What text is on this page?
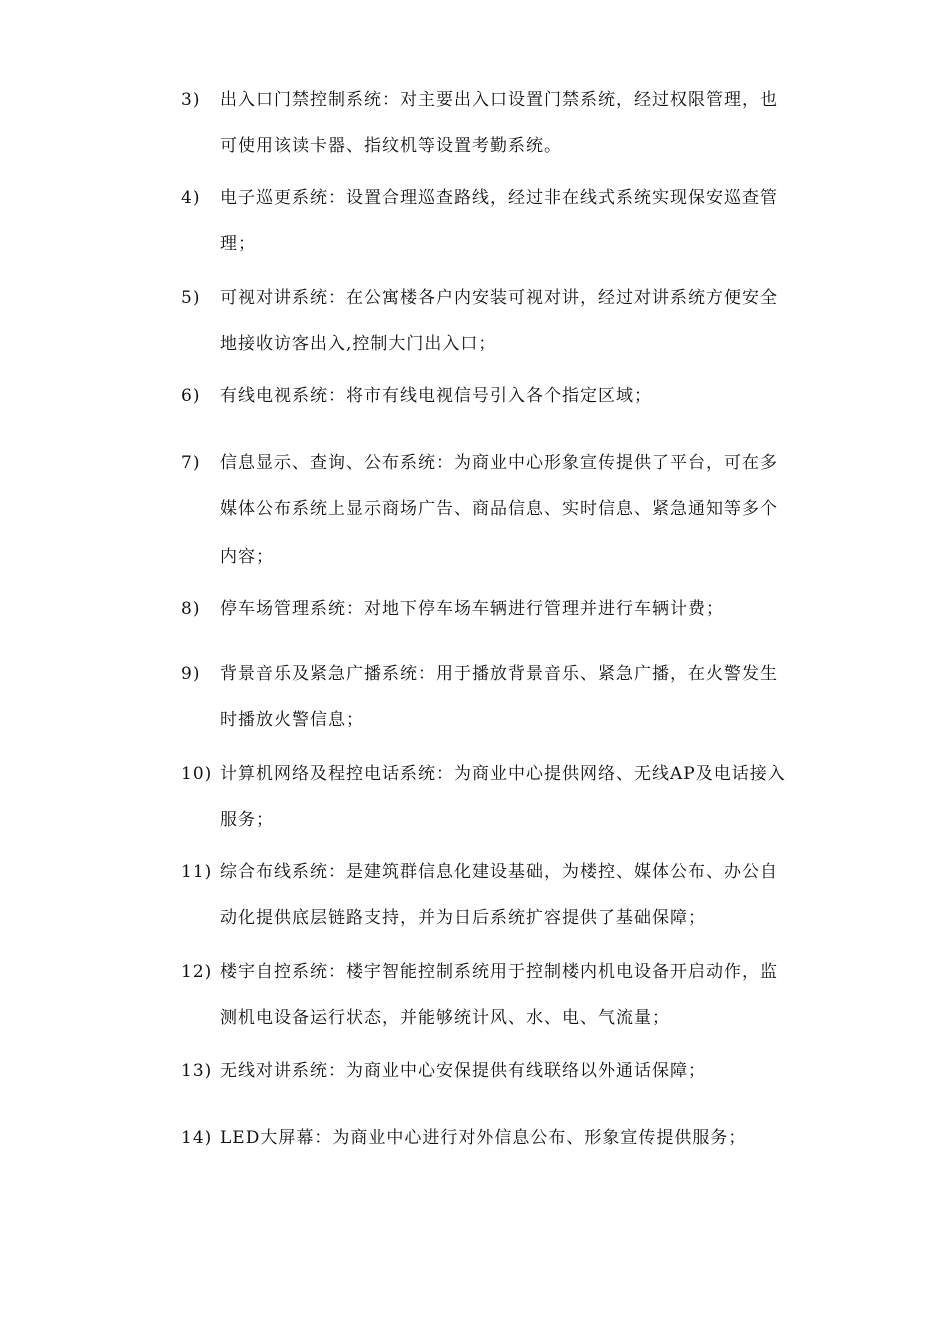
3) 出入口门禁控制系统：对主要出入口设置门禁系统，经过权限管理，也
可使用该读卡器、指纹机等设置考勤系统。
4) 电子巡更系统：设置合理巡查路线，经过非在线式系统实现保安巡查管
理；
5) 可视对讲系统：在公寓楼各户内安装可视对讲，经过对讲系统方便安全
地接收访客出入,控制大门出入口；
6) 有线电视系统：将市有线电视信号引入各个指定区域；
7) 信息显示、查询、公布系统：为商业中心形象宣传提供了平台，可在多
媒体公布系统上显示商场广告、商品信息、实时信息、紧急通知等多个
内容；
8) 停车场管理系统：对地下停车场车辆进行管理并进行车辆计费；
9) 背景音乐及紧急广播系统：用于播放背景音乐、紧急广播，在火警发生
时播放火警信息；
10) 计算机网络及程控电话系统：为商业中心提供网络、无线AP及电话接入
服务；
11) 综合布线系统：是建筑群信息化建设基础，为楼控、媒体公布、办公自
动化提供底层链路支持，并为日后系统扩容提供了基础保障；
12) 楼宇自控系统：楼宇智能控制系统用于控制楼内机电设备开启动作，监
测机电设备运行状态，并能够统计风、水、电、气流量；
13) 无线对讲系统：为商业中心安保提供有线联络以外通话保障；
14) LED大屏幕：为商业中心进行对外信息公布、形象宣传提供服务；
